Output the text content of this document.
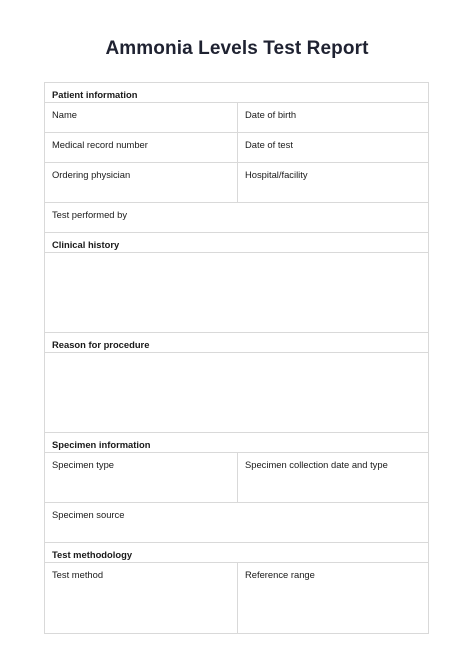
Ammonia Levels Test Report
Patient information
Name	Date of birth
Medical record number	Date of test
Ordering physician	Hospital/facility
Test performed by
Clinical history
Reason for procedure
Specimen information
Specimen type	Specimen collection date and type
Specimen source
Test methodology
Test method	Reference range
